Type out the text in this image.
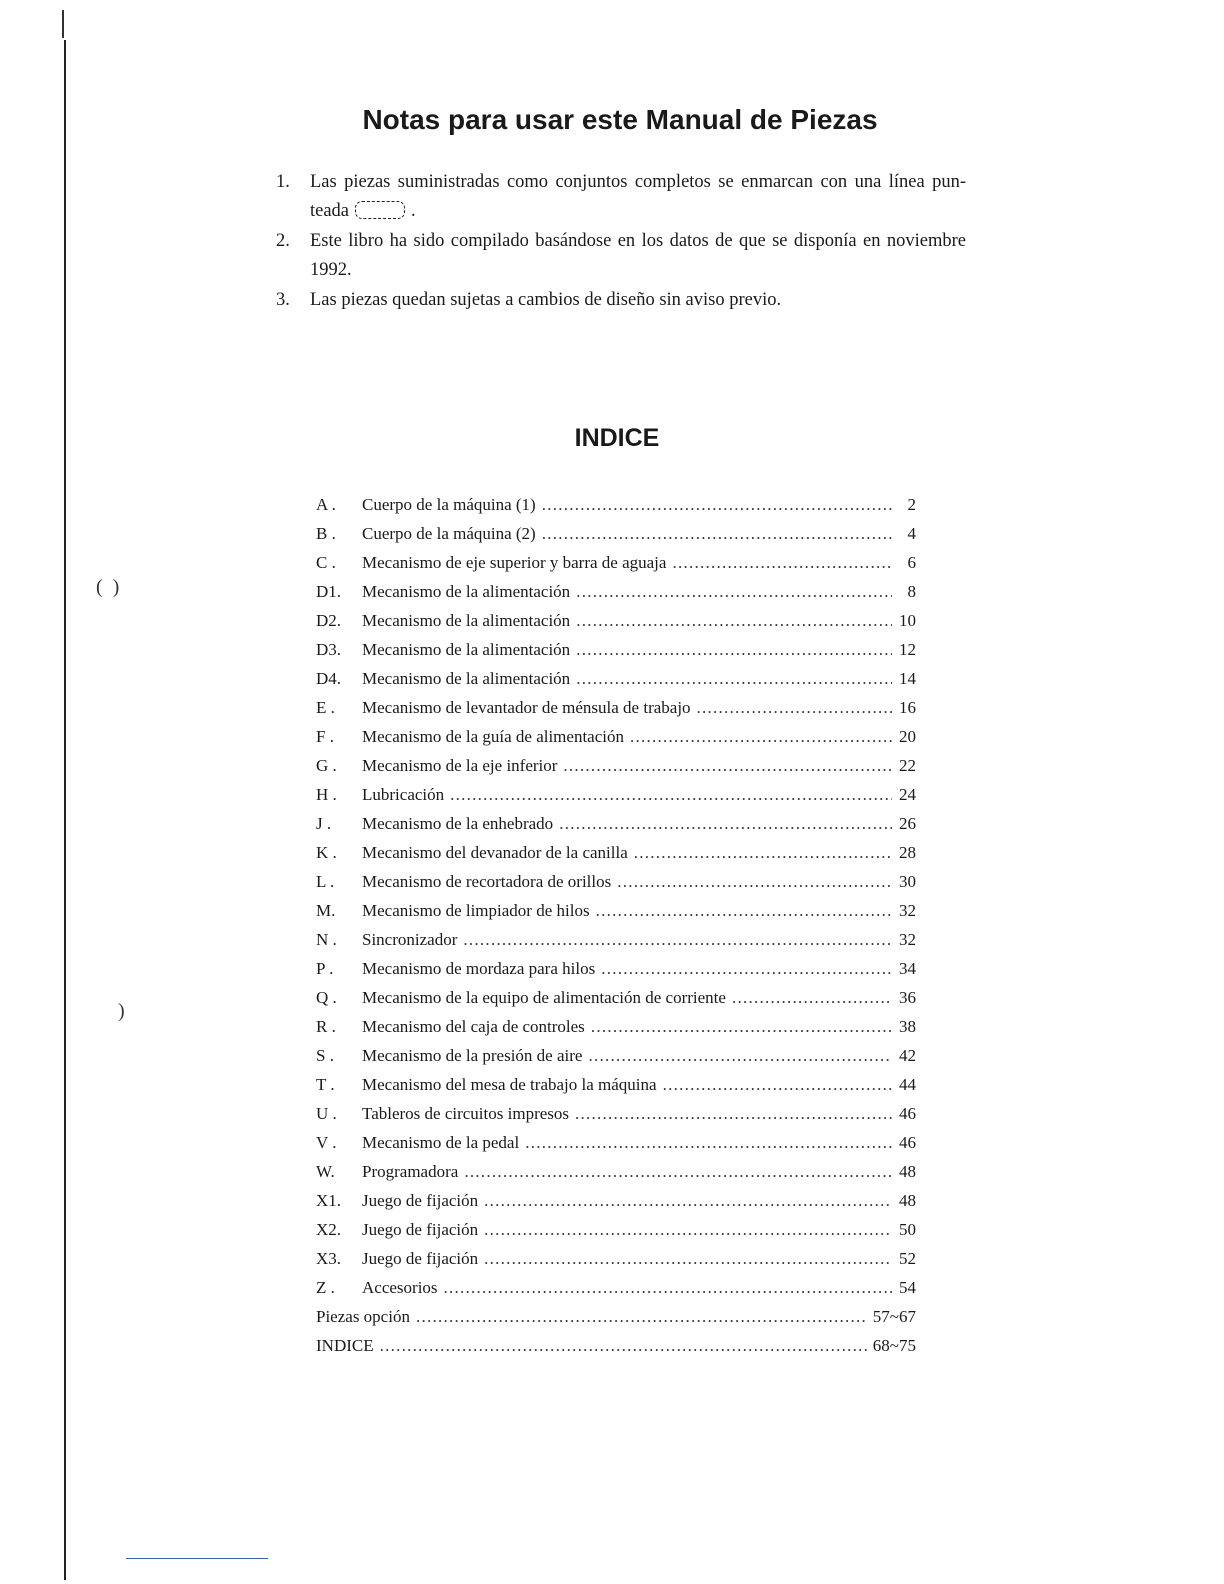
(  )
)
Notas para usar este Manual de Piezas
1.	Las piezas suministradas como conjuntos completos se enmarcan con una línea pun- teada	.
2.	Este libro ha sido compilado basándose en los datos de que se disponía en noviembre 1992.
3.	Las piezas quedan sujetas a cambios de diseño sin aviso previo.
INDICE
A .	Cuerpo de la máquina (1) . . .	2
B .	Cuerpo de la máquina (2) . . .	4
C .	Mecanismo de eje superior y barra de aguaja . . .	6
D1.	Mecanismo de la alimentación . . .	8
D2.	Mecanismo de la alimentación . . .	10
D3.	Mecanismo de la alimentación . . .	12
D4.	Mecanismo de la alimentación . . .	14
E .	Mecanismo de levantador de ménsula de trabajo . . .	16
F .	Mecanismo de la guía de alimentación . . .	20
G .	Mecanismo de la eje inferior . . .	22
H .	Lubricación . . .	24
J .	Mecanismo de la enhebrado . . .	26
K .	Mecanismo del devanador de la canilla . . .	28
L .	Mecanismo de recortadora de orillos . . .	30
M.	Mecanismo de limpiador de hilos . . .	32
N .	Sincronizador . . .	32
P .	Mecanismo de mordaza para hilos . . .	34
Q .	Mecanismo de la equipo de alimentación de corriente . . .	36
R .	Mecanismo del caja de controles . . .	38
S .	Mecanismo de la presión de aire . . .	42
T .	Mecanismo del mesa de trabajo la máquina . . .	44
U .	Tableros de circuitos impresos . . .	46
V .	Mecanismo de la pedal . . .	46
W.	Programadora . . .	48
X1.	Juego de fijación . . .	48
X2.	Juego de fijación . . .	50
X3.	Juego de fijación . . .	52
Z .	Accesorios . . .	54
Piezas opción . . .	57~67
INDICE . . .	68~75
